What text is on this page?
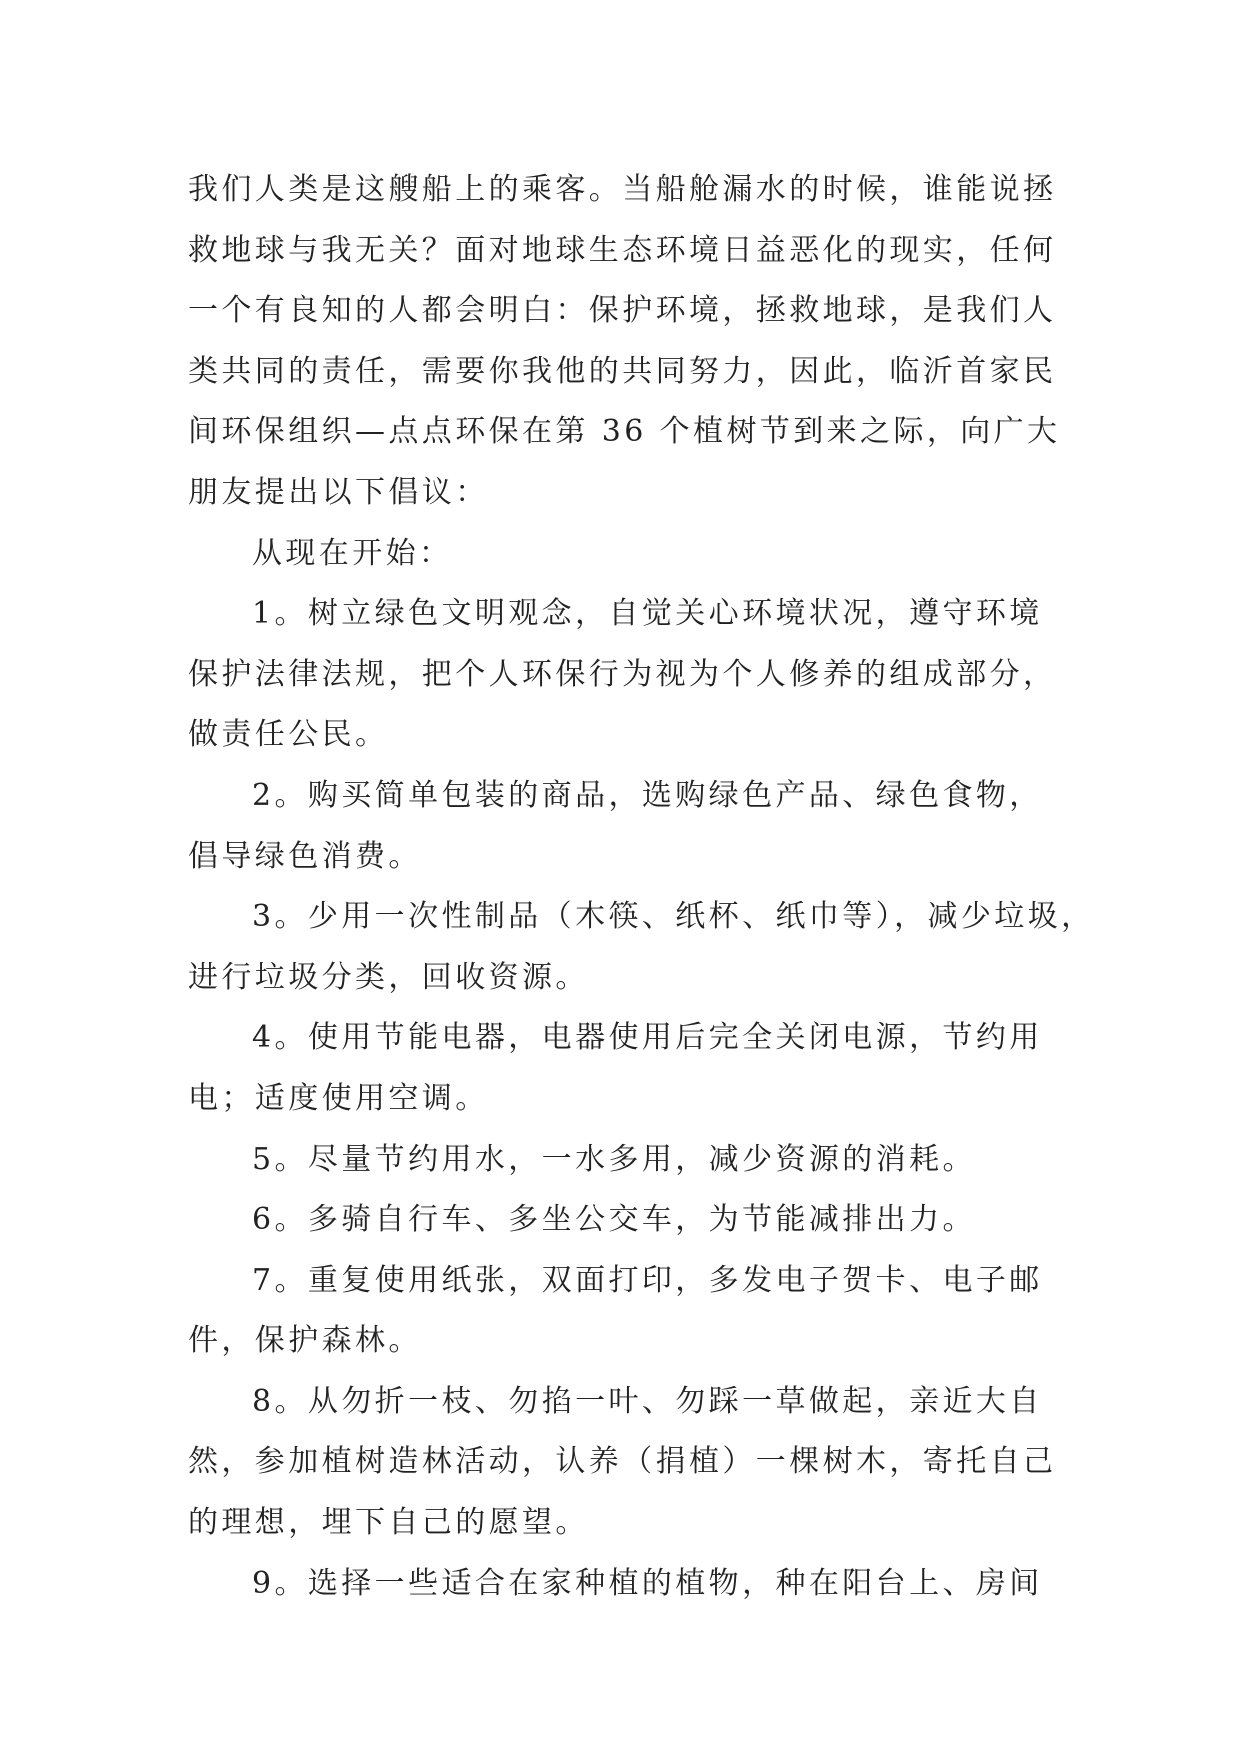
我们人类是这艘船上的乘客。当船舱漏水的时候，谁能说拯
救地球与我无关？面对地球生态环境日益恶化的现实，任何
一个有良知的人都会明白：保护环境，拯救地球，是我们人
类共同的责任，需要你我他的共同努力，因此，临沂首家民
间环保组织—点点环保在第 36 个植树节到来之际，向广大
朋友提出以下倡议：

从现在开始：

1。树立绿色文明观念，自觉关心环境状况，遵守环境
保护法律法规，把个人环保行为视为个人修养的组成部分，
做责任公民。

2。购买简单包装的商品，选购绿色产品、绿色食物，
倡导绿色消费。

3。少用一次性制品（木筷、纸杯、纸巾等），减少垃圾，
进行垃圾分类，回收资源。

4。使用节能电器，电器使用后完全关闭电源，节约用
电；适度使用空调。

5。尽量节约用水，一水多用，减少资源的消耗。

6。多骑自行车、多坐公交车，为节能减排出力。

7。重复使用纸张，双面打印，多发电子贺卡、电子邮
件，保护森林。

8。从勿折一枝、勿掐一叶、勿踩一草做起，亲近大自
然，参加植树造林活动，认养（捐植）一棵树木，寄托自己
的理想，埋下自己的愿望。

9。选择一些适合在家种植的植物，种在阳台上、房间
